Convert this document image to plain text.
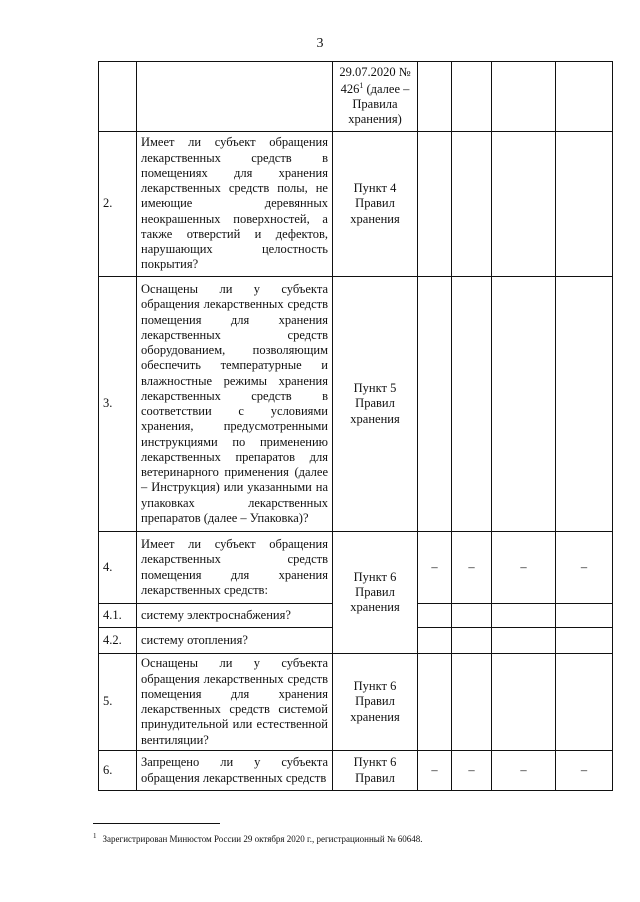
3
		29.07.2020 № 426$^1$ (далее – Правила хранения)				
2.	Имеет ли субъект обращения лекарственных средств в помещениях для хранения лекарственных средств полы, не имеющие деревянных неокрашенных поверхностей, а также отверстий и дефектов, нарушающих целостность покрытия?	Пункт 4 Правил хранения				
3.	Оснащены ли у субъекта обращения лекарственных средств помещения для хранения лекарственных средств оборудованием, позволяющим обеспечить температурные и влажностные режимы хранения лекарственных средств в соответствии с условиями хранения, предусмотренными инструкциями по применению лекарственных препаратов для ветеринарного применения (далее – Инструкция) или указанными на упаковках лекарственных препаратов (далее – Упаковка)?	Пункт 5 Правил хранения				
4.	Имеет ли субъект обращения лекарственных средств помещения для хранения лекарственных средств:	Пункт 6 Правил хранения	–	–	–	–
4.1.	систему электроснабжения?					
4.2.	систему отопления?					
5.	Оснащены ли у субъекта обращения лекарственных средств помещения для хранения лекарственных средств системой принудительной или естественной вентиляции?	Пункт 6 Правил хранения				
6.	Запрещено ли у субъекта обращения лекарственных средств	Пункт 6 Правил	–	–	–	–
$^1$ Зарегистрирован Минюстом России 29 октября 2020 г., регистрационный № 60648.
